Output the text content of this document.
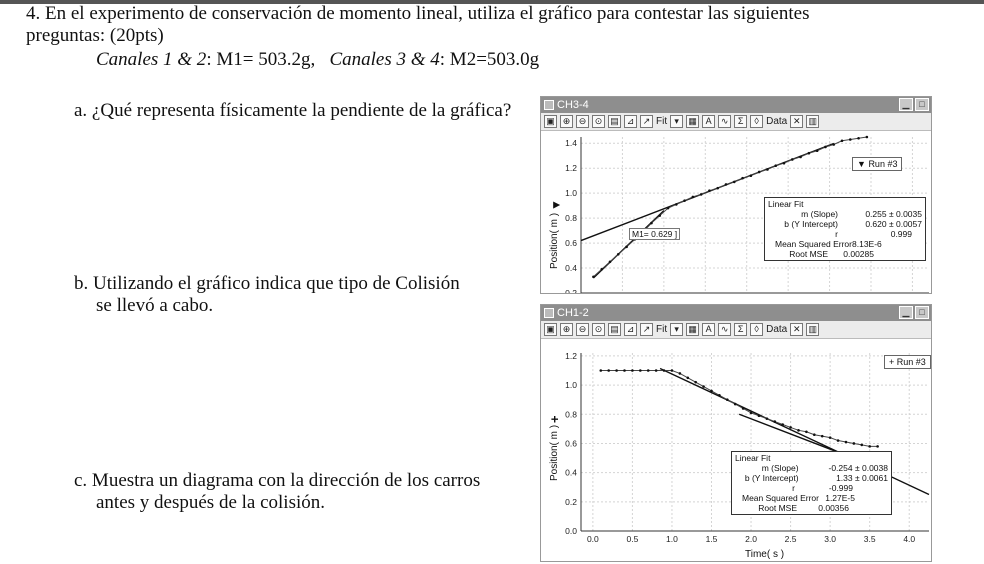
4. En el experimento de conservación de momento lineal, utiliza el gráfico para contestar las siguientes
preguntas: (20pts)
Canales 1 & 2: M1= 503.2g, Canales 3 & 4: M2=503.0g
a. ¿Qué representa físicamente la pendiente de la gráfica?
b. Utilizando el gráfico indica que tipo de Colisión
se llevó a cabo.
c. Muestra un diagrama con la dirección de los carros
antes y después de la colisión.
CH3-4	▁	□
▣ ⊕ ⊖ ⊙ ▤ ⊿ ↗ Fit ▾	▦ A	∿	Σ	◊ Data ✕ ▥
0.2
0.4
0.6
0.8
1.0
1.2
1.4
Position( m )
▼
▼ Run #3
M1= 0.629 ]
Linear Fit
m (Slope)	0.255 ± 0.0035
b (Y Intercept)	0.620 ± 0.0057
r	0.999
Mean Squared Error 8.13E-6
Root MSE	0.00285
CH1-2	▁	□
▣ ⊕ ⊖ ⊙ ▤ ⊿ ↗ Fit ▾	▦ A	∿	Σ	◊ Data ✕ ▥
0.0
0.2
0.4
0.6
0.8
1.0
1.2
0.0	0.5	1.0	1.5	2.0	2.5	3.0	3.5	4.0
Position( m )
+
Time( s )
+ Run #3
Linear Fit
m (Slope)	-0.254 ± 0.0038
b (Y Intercept)	1.33 ± 0.0061
r	-0.999
Mean Squared Error 1.27E-5
Root MSE	0.00356
